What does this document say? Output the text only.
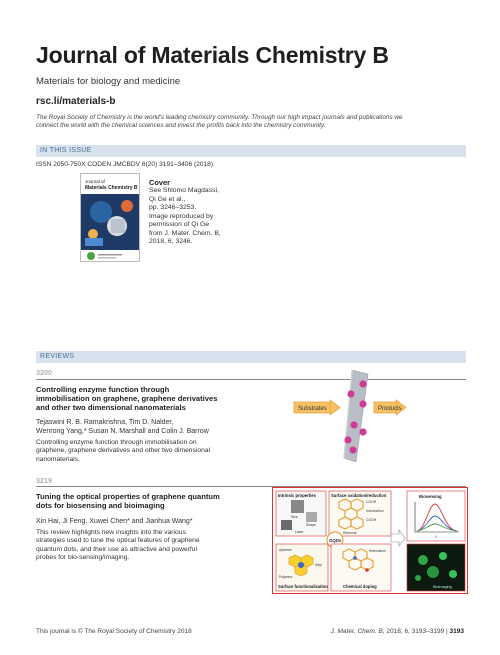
Journal of Materials Chemistry B
Materials for biology and medicine
rsc.li/materials-b
The Royal Society of Chemistry is the world's leading chemistry community. Through our high impact journals and publications we
connect the world with the chemical sciences and invest the profits back into the chemistry community.
IN THIS ISSUE
ISSN 2050-750X CODEN JMCBDV 6(20) 3191–3406 (2018)
Journal of
Materials Chemistry B
Cover
See Shlomo Magdassi,
Qi Ge et al.,
pp. 3246–3253.
Image reproduced by
permission of Qi Ge
from J. Mater. Chem. B,
2018, 6, 3246.
REVIEWS
3200
Controlling enzyme function through
immobilisation on graphene, graphene derivatives
and other two dimensional nanomaterials
Tejaswini R. B. Ramakrishna, Tim D. Nalder,
Wenrong Yang,* Susan N. Marshall and Colin J. Barrow
Controlling enzyme function through immobilisation on
graphene, graphene derivatives and other two dimensional
nanomaterials.
Substrates	Products
3219
Tuning the optical properties of graphene quantum
dots for biosensing and bioimaging
Xin Hai, Ji Feng, Xuwei Chen* and Jianhua Wang*
This review highlights new insights into the various
strategies used to tune the optical features of graphene
quantum dots, and their use as attractive and powerful
probes for bio-sensing/imaging.
Intrinsic properties
Size
Shape
Laser
Surface oxidation/reduction
COOH
Introduction
COOH
Removal
GQDs
Aptamer
Alkyl
Polymers
Surface functionalization
Heteroatom
Chemical doping
Biosensing
λ
Bioimaging
This journal is © The Royal Society of Chemistry 2018	J. Mater. Chem. B, 2018, 6, 3193–3199 | 3193
